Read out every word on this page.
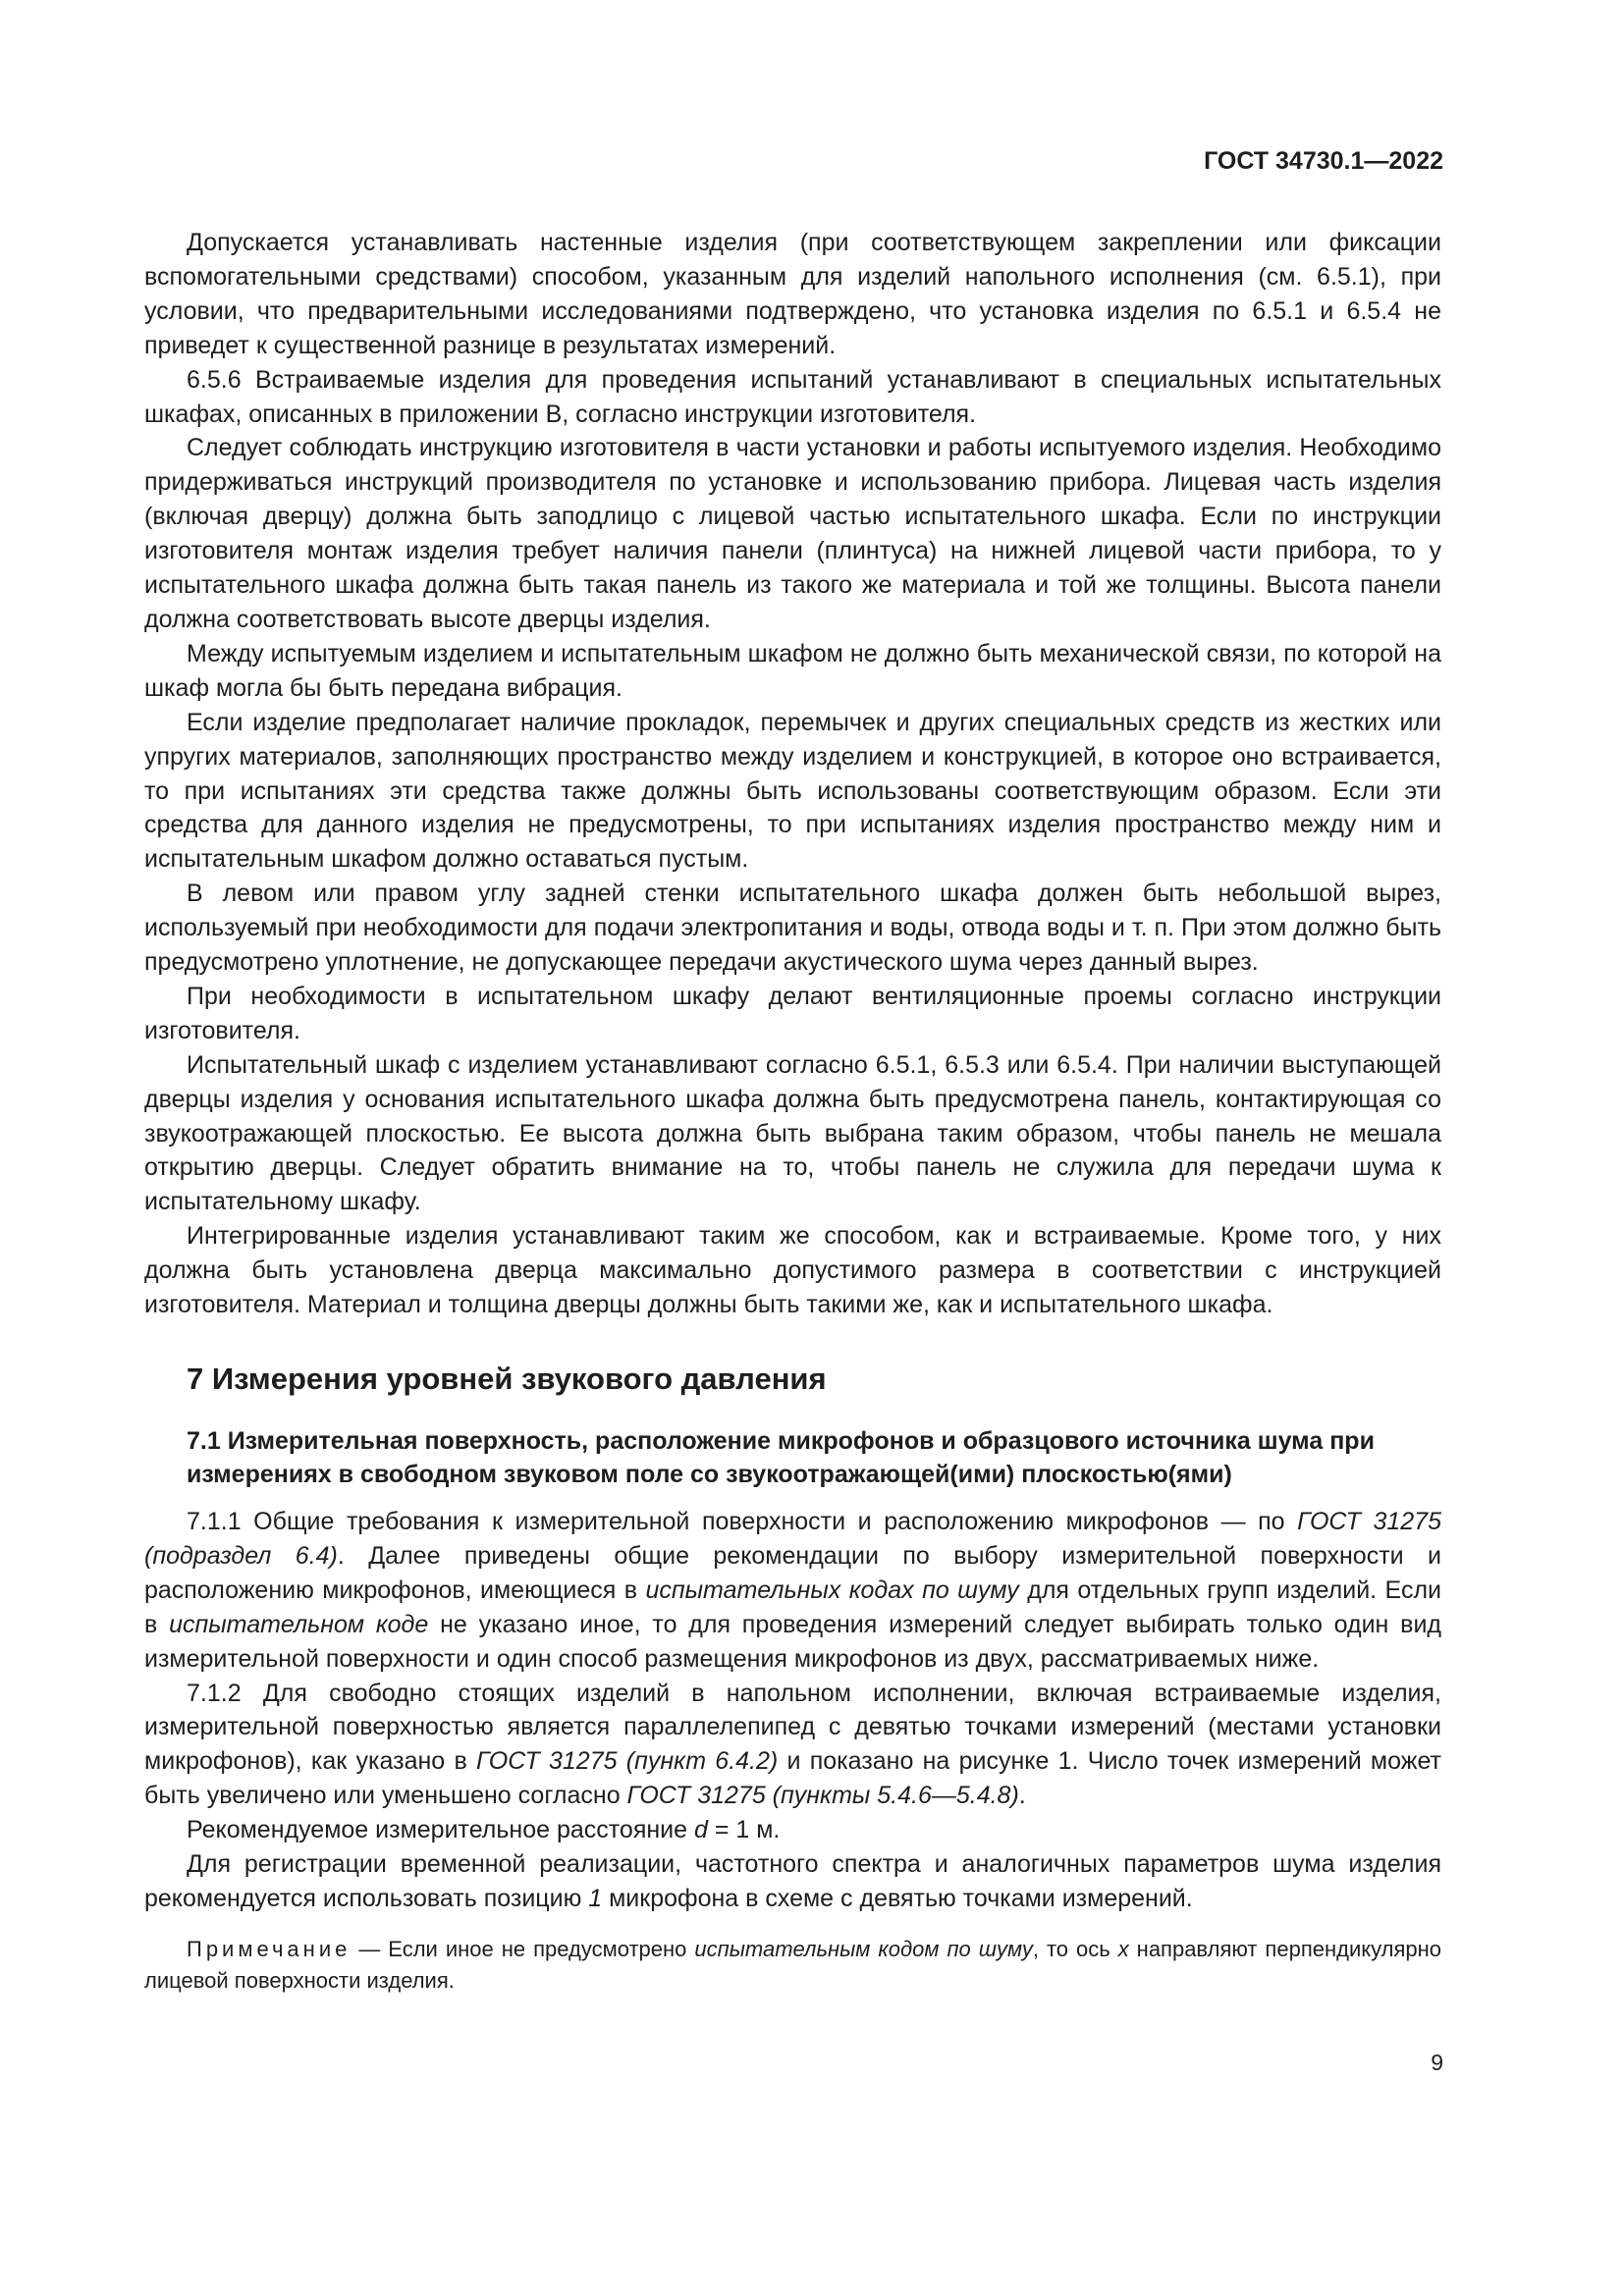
ГОСТ 34730.1—2022

Допускается устанавливать настенные изделия (при соответствующем закреплении или фиксации вспомогательными средствами) способом, указанным для изделий напольного исполнения (см. 6.5.1), при условии, что предварительными исследованиями подтверждено, что установка изделия по 6.5.1 и 6.5.4 не приведет к существенной разнице в результатах измерений.

6.5.6 Встраиваемые изделия для проведения испытаний устанавливают в специальных испытательных шкафах, описанных в приложении В, согласно инструкции изготовителя.

Следует соблюдать инструкцию изготовителя в части установки и работы испытуемого изделия. Необходимо придерживаться инструкций производителя по установке и использованию прибора. Лицевая часть изделия (включая дверцу) должна быть заподлицо с лицевой частью испытательного шкафа. Если по инструкции изготовителя монтаж изделия требует наличия панели (плинтуса) на нижней лицевой части прибора, то у испытательного шкафа должна быть такая панель из такого же материала и той же толщины. Высота панели должна соответствовать высоте дверцы изделия.

Между испытуемым изделием и испытательным шкафом не должно быть механической связи, по которой на шкаф могла бы быть передана вибрация.

Если изделие предполагает наличие прокладок, перемычек и других специальных средств из жестких или упругих материалов, заполняющих пространство между изделием и конструкцией, в которое оно встраивается, то при испытаниях эти средства также должны быть использованы соответствующим образом. Если эти средства для данного изделия не предусмотрены, то при испытаниях изделия пространство между ним и испытательным шкафом должно оставаться пустым.

В левом или правом углу задней стенки испытательного шкафа должен быть небольшой вырез, используемый при необходимости для подачи электропитания и воды, отвода воды и т. п. При этом должно быть предусмотрено уплотнение, не допускающее передачи акустического шума через данный вырез.

При необходимости в испытательном шкафу делают вентиляционные проемы согласно инструкции изготовителя.

Испытательный шкаф с изделием устанавливают согласно 6.5.1, 6.5.3 или 6.5.4. При наличии выступающей дверцы изделия у основания испытательного шкафа должна быть предусмотрена панель, контактирующая со звукоотражающей плоскостью. Ее высота должна быть выбрана таким образом, чтобы панель не мешала открытию дверцы. Следует обратить внимание на то, чтобы панель не служила для передачи шума к испытательному шкафу.

Интегрированные изделия устанавливают таким же способом, как и встраиваемые. Кроме того, у них должна быть установлена дверца максимально допустимого размера в соответствии с инструкцией изготовителя. Материал и толщина дверцы должны быть такими же, как и испытательного шкафа.

7 Измерения уровней звукового давления
7.1 Измерительная поверхность, расположение микрофонов и образцового источника шума при измерениях в свободном звуковом поле со звукоотражающей(ими) плоскостью(ями)

7.1.1 Общие требования к измерительной поверхности и расположению микрофонов — по ГОСТ 31275 (подраздел 6.4). Далее приведены общие рекомендации по выбору измерительной поверхности и расположению микрофонов, имеющиеся в испытательных кодах по шуму для отдельных групп изделий. Если в испытательном коде не указано иное, то для проведения измерений следует выбирать только один вид измерительной поверхности и один способ размещения микрофонов из двух, рассматриваемых ниже.

7.1.2 Для свободно стоящих изделий в напольном исполнении, включая встраиваемые изделия, измерительной поверхностью является параллелепипед с девятью точками измерений (местами установки микрофонов), как указано в ГОСТ 31275 (пункт 6.4.2) и показано на рисунке 1. Число точек измерений может быть увеличено или уменьшено согласно ГОСТ 31275 (пункты 5.4.6—5.4.8).

Рекомендуемое измерительное расстояние d = 1 м.

Для регистрации временной реализации, частотного спектра и аналогичных параметров шума изделия рекомендуется использовать позицию 1 микрофона в схеме с девятью точками измерений.

Примечание — Если иное не предусмотрено испытательным кодом по шуму, то ось x направляют перпендикулярно лицевой поверхности изделия.
9
